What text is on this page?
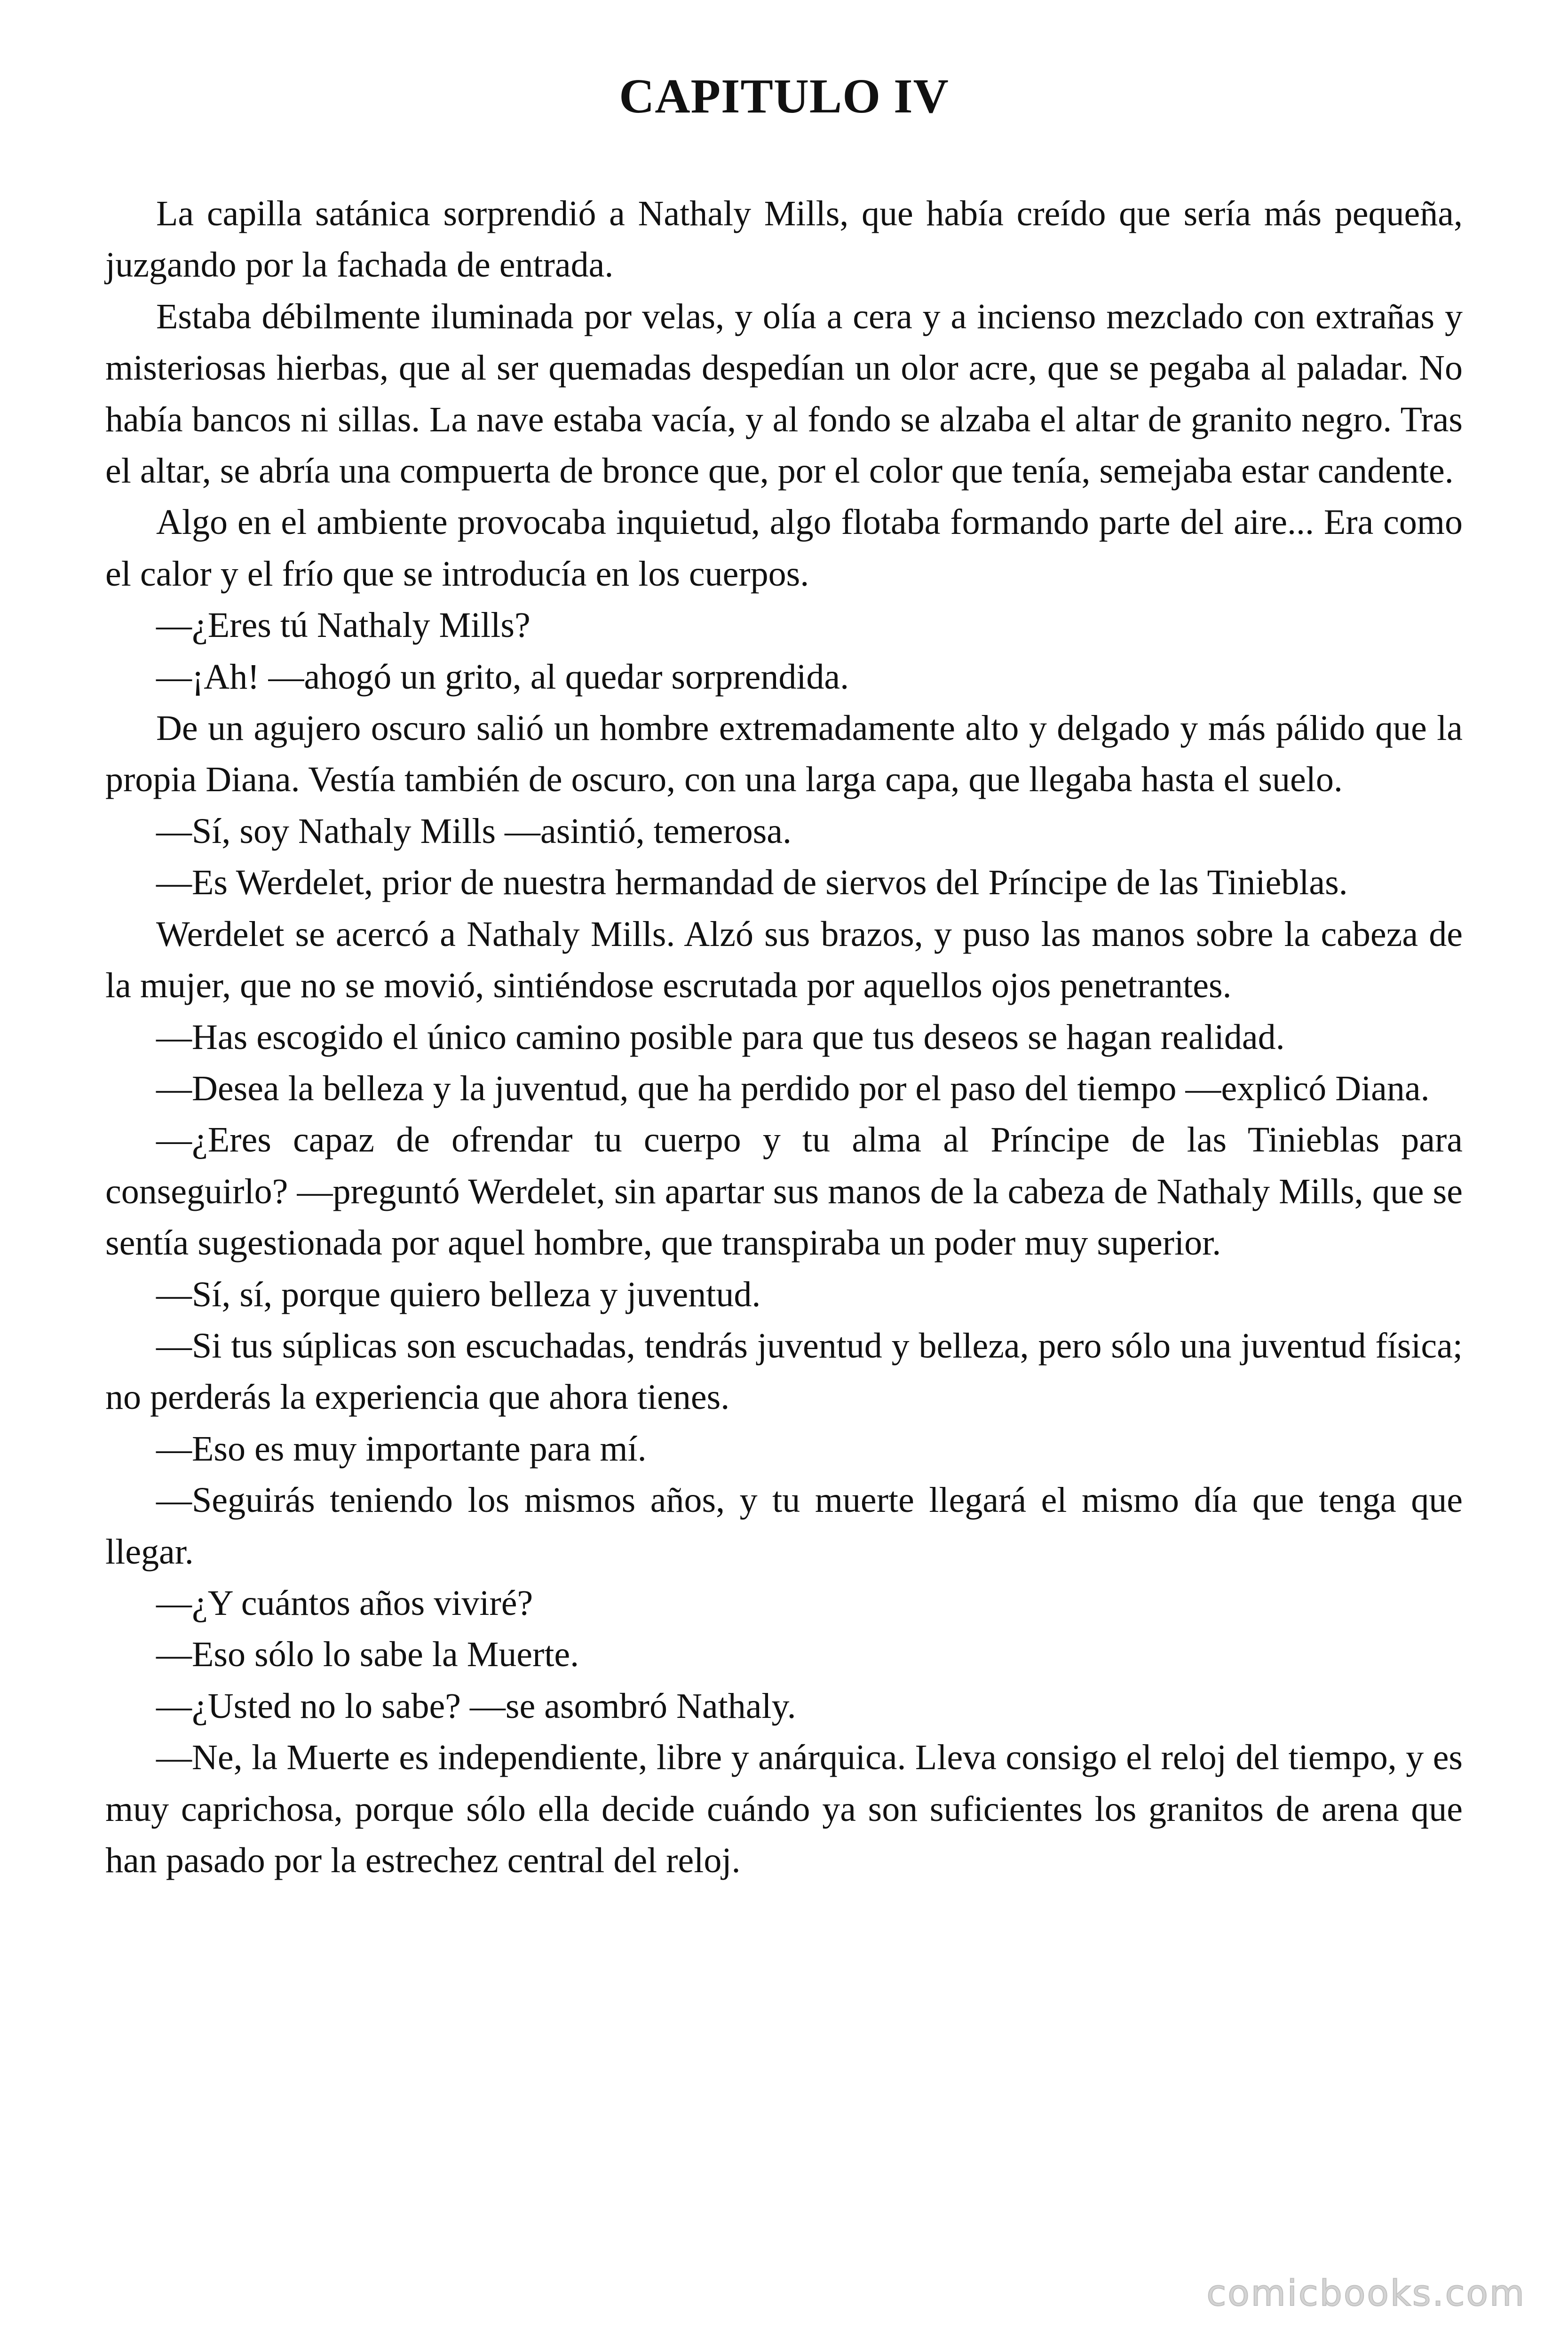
CAPITULO IV

La capilla satánica sorprendió a Nathaly Mills, que había creído que sería más pequeña, juzgando por la fachada de entrada.

Estaba débilmente iluminada por velas, y olía a cera y a incienso mezclado con extrañas y misteriosas hierbas, que al ser quemadas despedían un olor acre, que se pegaba al paladar. No había bancos ni sillas. La nave estaba vacía, y al fondo se alzaba el altar de granito negro. Tras el altar, se abría una compuerta de bronce que, por el color que tenía, semejaba estar candente.

Algo en el ambiente provocaba inquietud, algo flotaba formando parte del aire... Era como el calor y el frío que se introducía en los cuerpos.

—¿Eres tú Nathaly Mills?

—¡Ah! —ahogó un grito, al quedar sorprendida.

De un agujero oscuro salió un hombre extremadamente alto y delgado y más pálido que la propia Diana. Vestía también de oscuro, con una larga capa, que llegaba hasta el suelo.

—Sí, soy Nathaly Mills —asintió, temerosa.

—Es Werdelet, prior de nuestra hermandad de siervos del Príncipe de las Tinieblas.

Werdelet se acercó a Nathaly Mills. Alzó sus brazos, y puso las manos sobre la cabeza de la mujer, que no se movió, sintiéndose escrutada por aquellos ojos penetrantes.

—Has escogido el único camino posible para que tus deseos se hagan realidad.

—Desea la belleza y la juventud, que ha perdido por el paso del tiempo —explicó Diana.

—¿Eres capaz de ofrendar tu cuerpo y tu alma al Príncipe de las Tinieblas para conseguirlo? —preguntó Werdelet, sin apartar sus manos de la cabeza de Nathaly Mills, que se sentía sugestionada por aquel hombre, que transpiraba un poder muy superior.

—Sí, sí, porque quiero belleza y juventud.

—Si tus súplicas son escuchadas, tendrás juventud y belleza, pero sólo una juventud física; no perderás la experiencia que ahora tienes.

—Eso es muy importante para mí.

—Seguirás teniendo los mismos años, y tu muerte llegará el mismo día que tenga que llegar.

—¿Y cuántos años viviré?

—Eso sólo lo sabe la Muerte.

—¿Usted no lo sabe? —se asombró Nathaly.

—Ne, la Muerte es independiente, libre y anárquica. Lleva consigo el reloj del tiempo, y es muy caprichosa, porque sólo ella decide cuándo ya son suficientes los granitos de arena que han pasado por la estrechez central del reloj.

comicbooks.com
